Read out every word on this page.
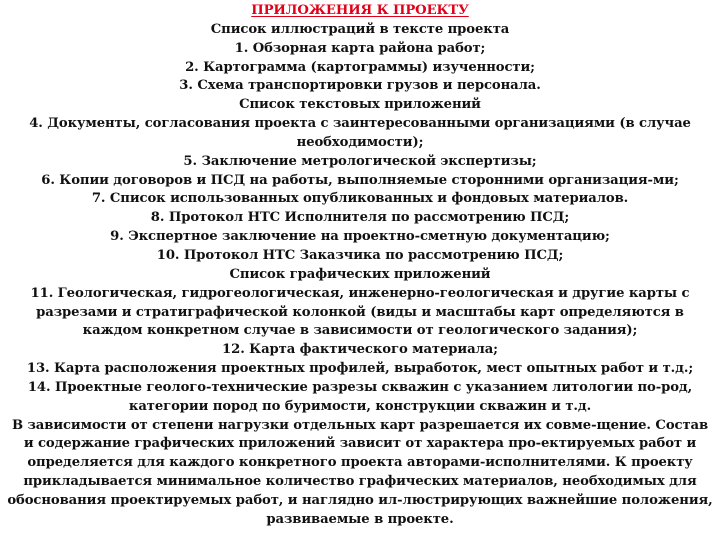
ПРИЛОЖЕНИЯ К ПРОЕКТУ

Список иллюстраций в тексте проекта

1. Обзорная карта района работ;

2. Картограмма (картограммы) изученности;

3. Схема транспортировки грузов и персонала.

Список текстовых приложений

4. Документы, согласования проекта с заинтересованными организациями (в случае необходимости);

5. Заключение метрологической экспертизы;

6. Копии договоров и ПСД на работы, выполняемые сторонними организация-ми;

7. Список использованных опубликованных и фондовых материалов.

8. Протокол НТС Исполнителя по рассмотрению ПСД;

9. Экспертное заключение на проектно-сметную документацию;

10. Протокол НТС Заказчика по рассмотрению ПСД;

Список графических приложений

11. Геологическая, гидрогеологическая, инженерно-геологическая и другие карты с разрезами и стратиграфической колонкой (виды и масштабы карт определяются в каждом конкретном случае в зависимости от геологического задания);

12. Карта фактического материала;

13. Карта расположения проектных профилей, выработок, мест опытных работ и т.д.;

14. Проектные геолого-технические разрезы скважин с указанием литологии по-род, категории пород по буримости, конструкции скважин и т.д.

В зависимости от степени нагрузки отдельных карт разрешается их совме-щение. Состав и содержание графических приложений зависит от характера про-ектируемых работ и определяется для каждого конкретного проекта авторами-исполнителями. К проекту прикладывается минимальное количество графических материалов, необходимых для обоснования проектируемых работ, и наглядно ил-люстрирующих важнейшие положения, развиваемые в проекте.
